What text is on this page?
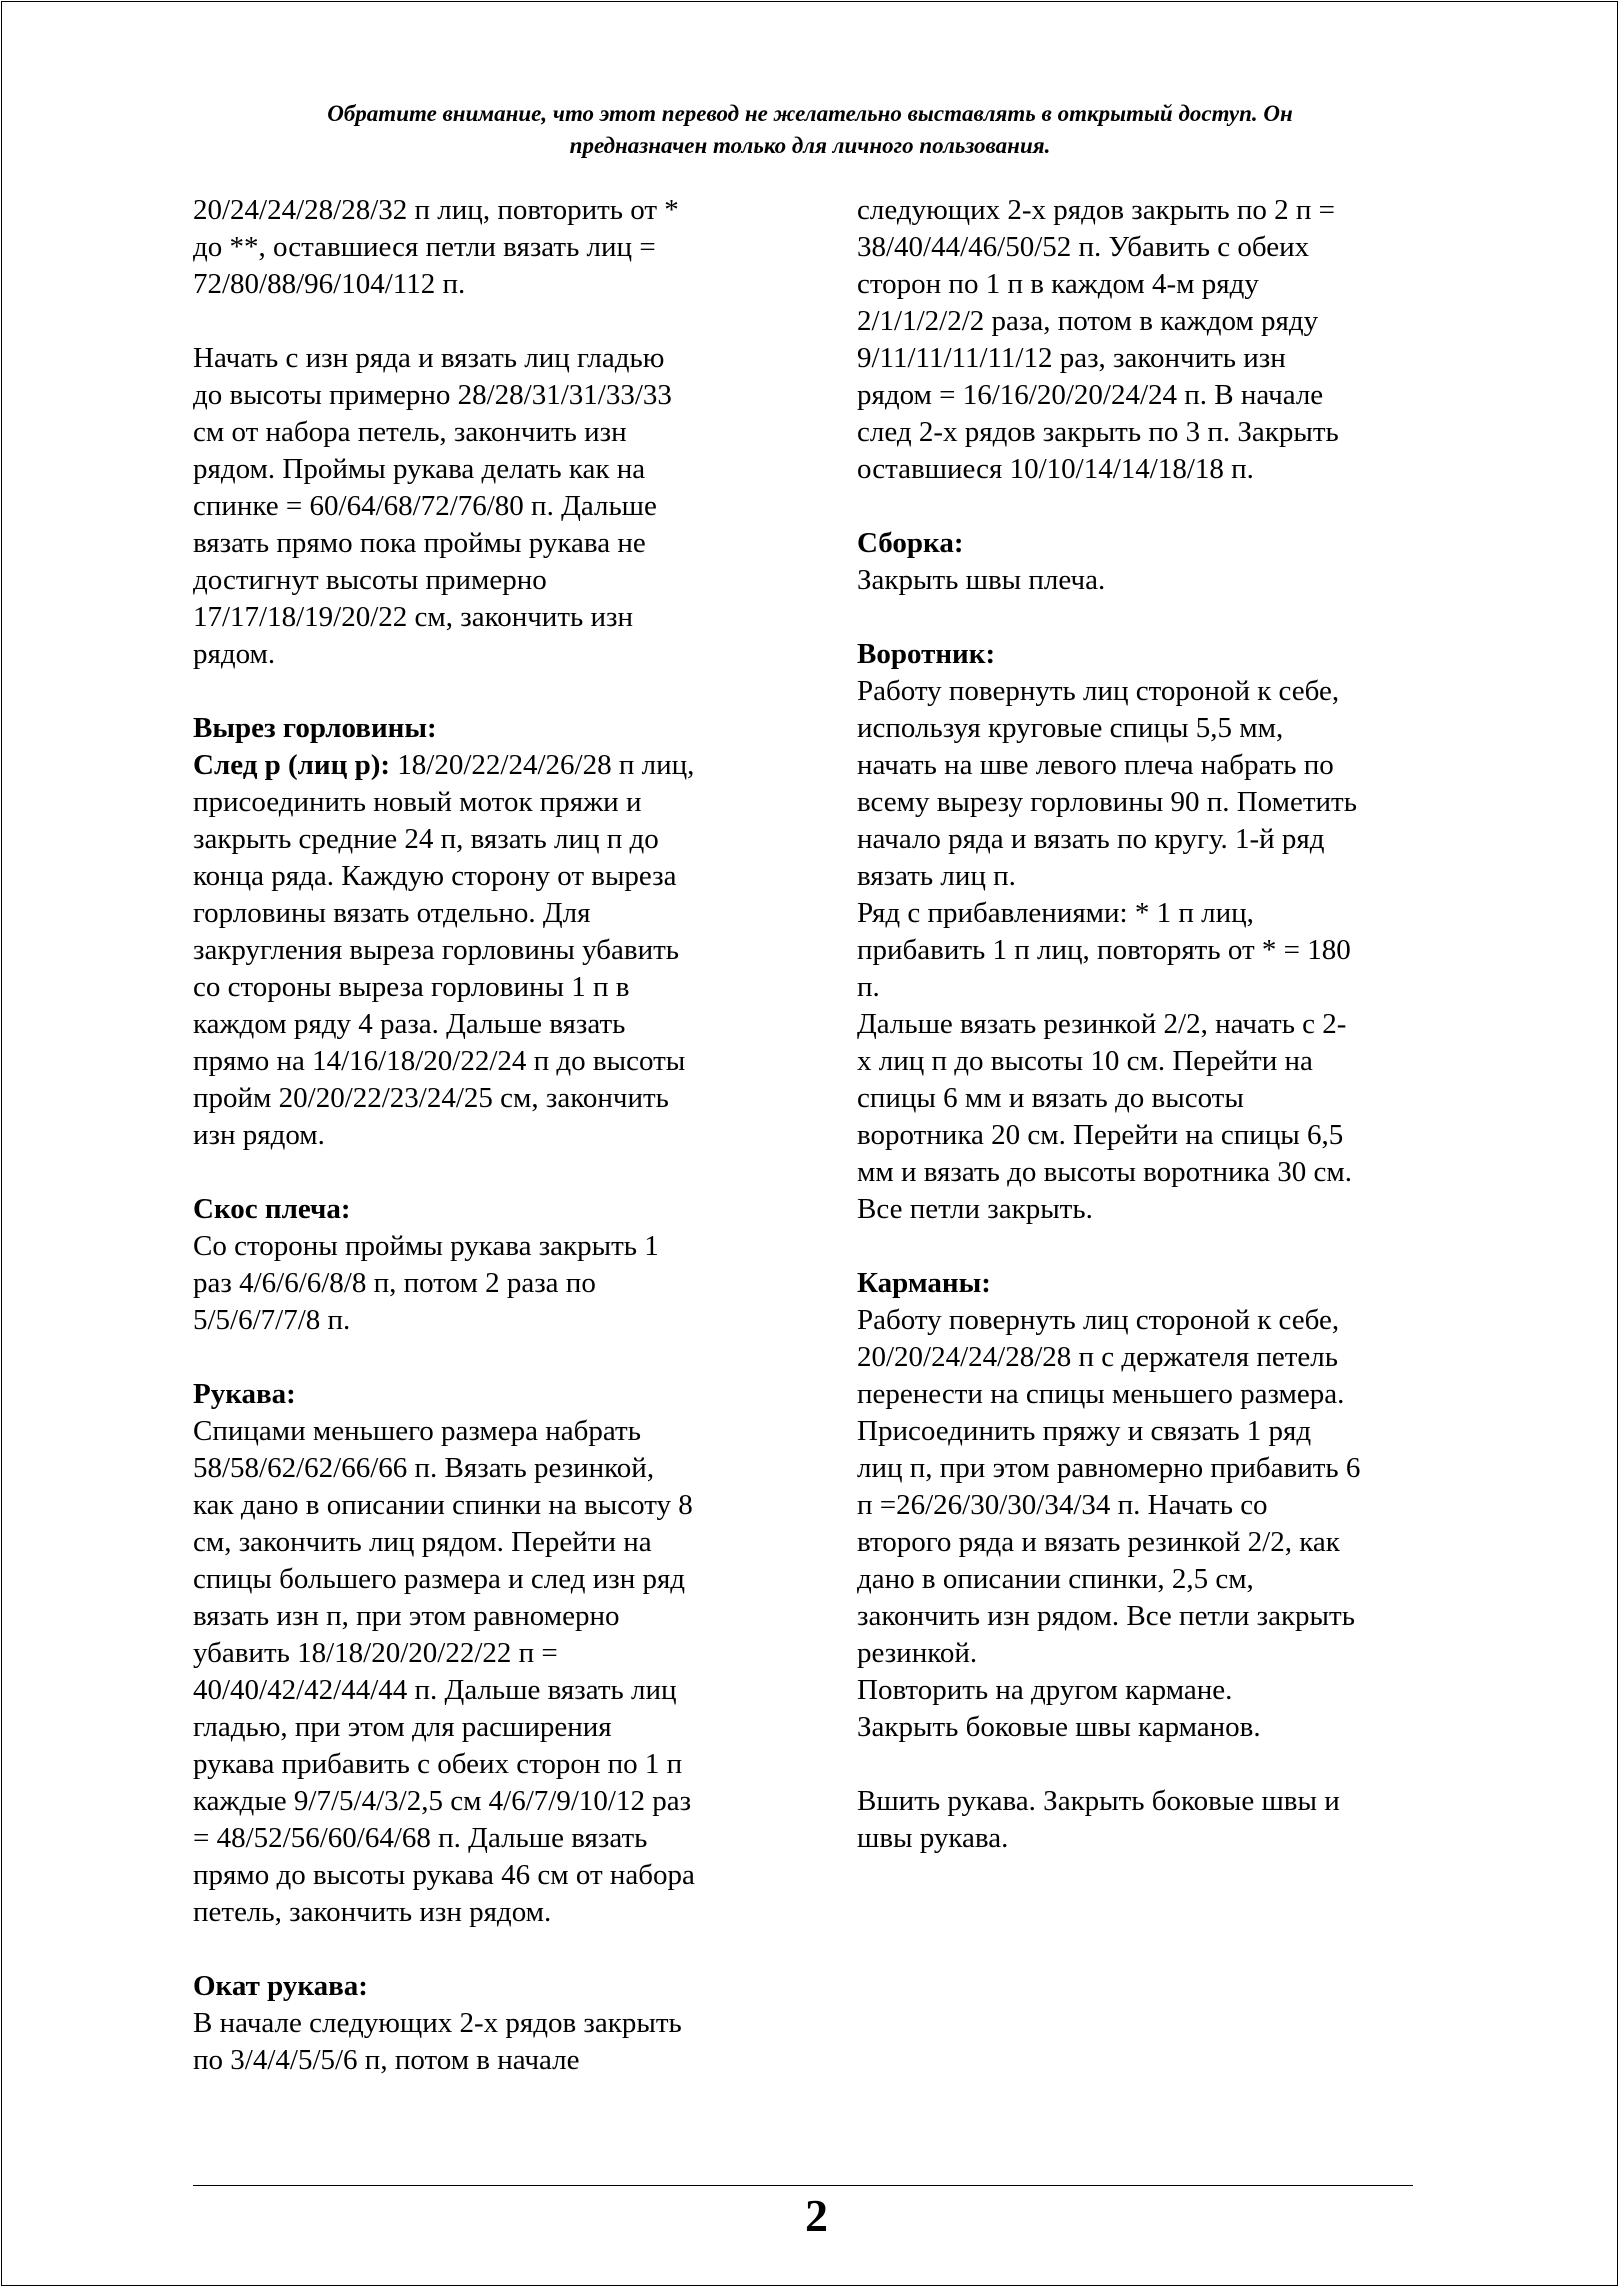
Обратите внимание, что этот перевод не желательно выставлять в открытый доступ. Он
предназначен только для личного пользования.
20/24/24/28/28/32 п лиц, повторить от *
до **, оставшиеся петли вязать лиц =
72/80/88/96/104/112 п.
Начать с изн ряда и вязать лиц гладью
до высоты примерно 28/28/31/31/33/33
см от набора петель, закончить изн
рядом. Проймы рукава делать как на
спинке = 60/64/68/72/76/80 п. Дальше
вязать прямо пока проймы рукава не
достигнут высоты примерно
17/17/18/19/20/22 см, закончить изн
рядом.
Вырез горловины:
След р (лиц р): 18/20/22/24/26/28 п лиц,
присоединить новый моток пряжи и
закрыть средние 24 п, вязать лиц п до
конца ряда. Каждую сторону от выреза
горловины вязать отдельно. Для
закругления выреза горловины убавить
со стороны выреза горловины 1 п в
каждом ряду 4 раза. Дальше вязать
прямо на 14/16/18/20/22/24 п до высоты
пройм 20/20/22/23/24/25 см, закончить
изн рядом.
Скос плеча:
Со стороны проймы рукава закрыть 1
раз 4/6/6/6/8/8 п, потом 2 раза по
5/5/6/7/7/8 п.
Рукава:
Спицами меньшего размера набрать
58/58/62/62/66/66 п. Вязать резинкой,
как дано в описании спинки на высоту 8
см, закончить лиц рядом. Перейти на
спицы большего размера и след изн ряд
вязать изн п, при этом равномерно
убавить 18/18/20/20/22/22 п =
40/40/42/42/44/44 п. Дальше вязать лиц
гладью, при этом для расширения
рукава прибавить с обеих сторон по 1 п
каждые 9/7/5/4/3/2,5 см 4/6/7/9/10/12 раз
= 48/52/56/60/64/68 п. Дальше вязать
прямо до высоты рукава 46 см от набора
петель, закончить изн рядом.
Окат рукава:
В начале следующих 2-х рядов закрыть
по 3/4/4/5/5/6 п, потом в начале
следующих 2-х рядов закрыть по 2 п =
38/40/44/46/50/52 п. Убавить с обеих
сторон по 1 п в каждом 4-м ряду
2/1/1/2/2/2 раза, потом в каждом ряду
9/11/11/11/11/12 раз, закончить изн
рядом = 16/16/20/20/24/24 п. В начале
след 2-х рядов закрыть по 3 п. Закрыть
оставшиеся 10/10/14/14/18/18 п.
Сборка:
Закрыть швы плеча.
Воротник:
Работу повернуть лиц стороной к себе,
используя круговые спицы 5,5 мм,
начать на шве левого плеча набрать по
всему вырезу горловины 90 п. Пометить
начало ряда и вязать по кругу. 1-й ряд
вязать лиц п.
Ряд с прибавлениями: * 1 п лиц,
прибавить 1 п лиц, повторять от * = 180
п.
Дальше вязать резинкой 2/2, начать с 2-
х лиц п до высоты 10 см. Перейти на
спицы 6 мм и вязать до высоты
воротника 20 см. Перейти на спицы 6,5
мм и вязать до высоты воротника 30 см.
Все петли закрыть.
Карманы:
Работу повернуть лиц стороной к себе,
20/20/24/24/28/28 п с держателя петель
перенести на спицы меньшего размера.
Присоединить пряжу и связать 1 ряд
лиц п, при этом равномерно прибавить 6
п =26/26/30/30/34/34 п. Начать со
второго ряда и вязать резинкой 2/2, как
дано в описании спинки, 2,5 см,
закончить изн рядом. Все петли закрыть
резинкой.
Повторить на другом кармане.
Закрыть боковые швы карманов.
Вшить рукава. Закрыть боковые швы и
швы рукава.
2
